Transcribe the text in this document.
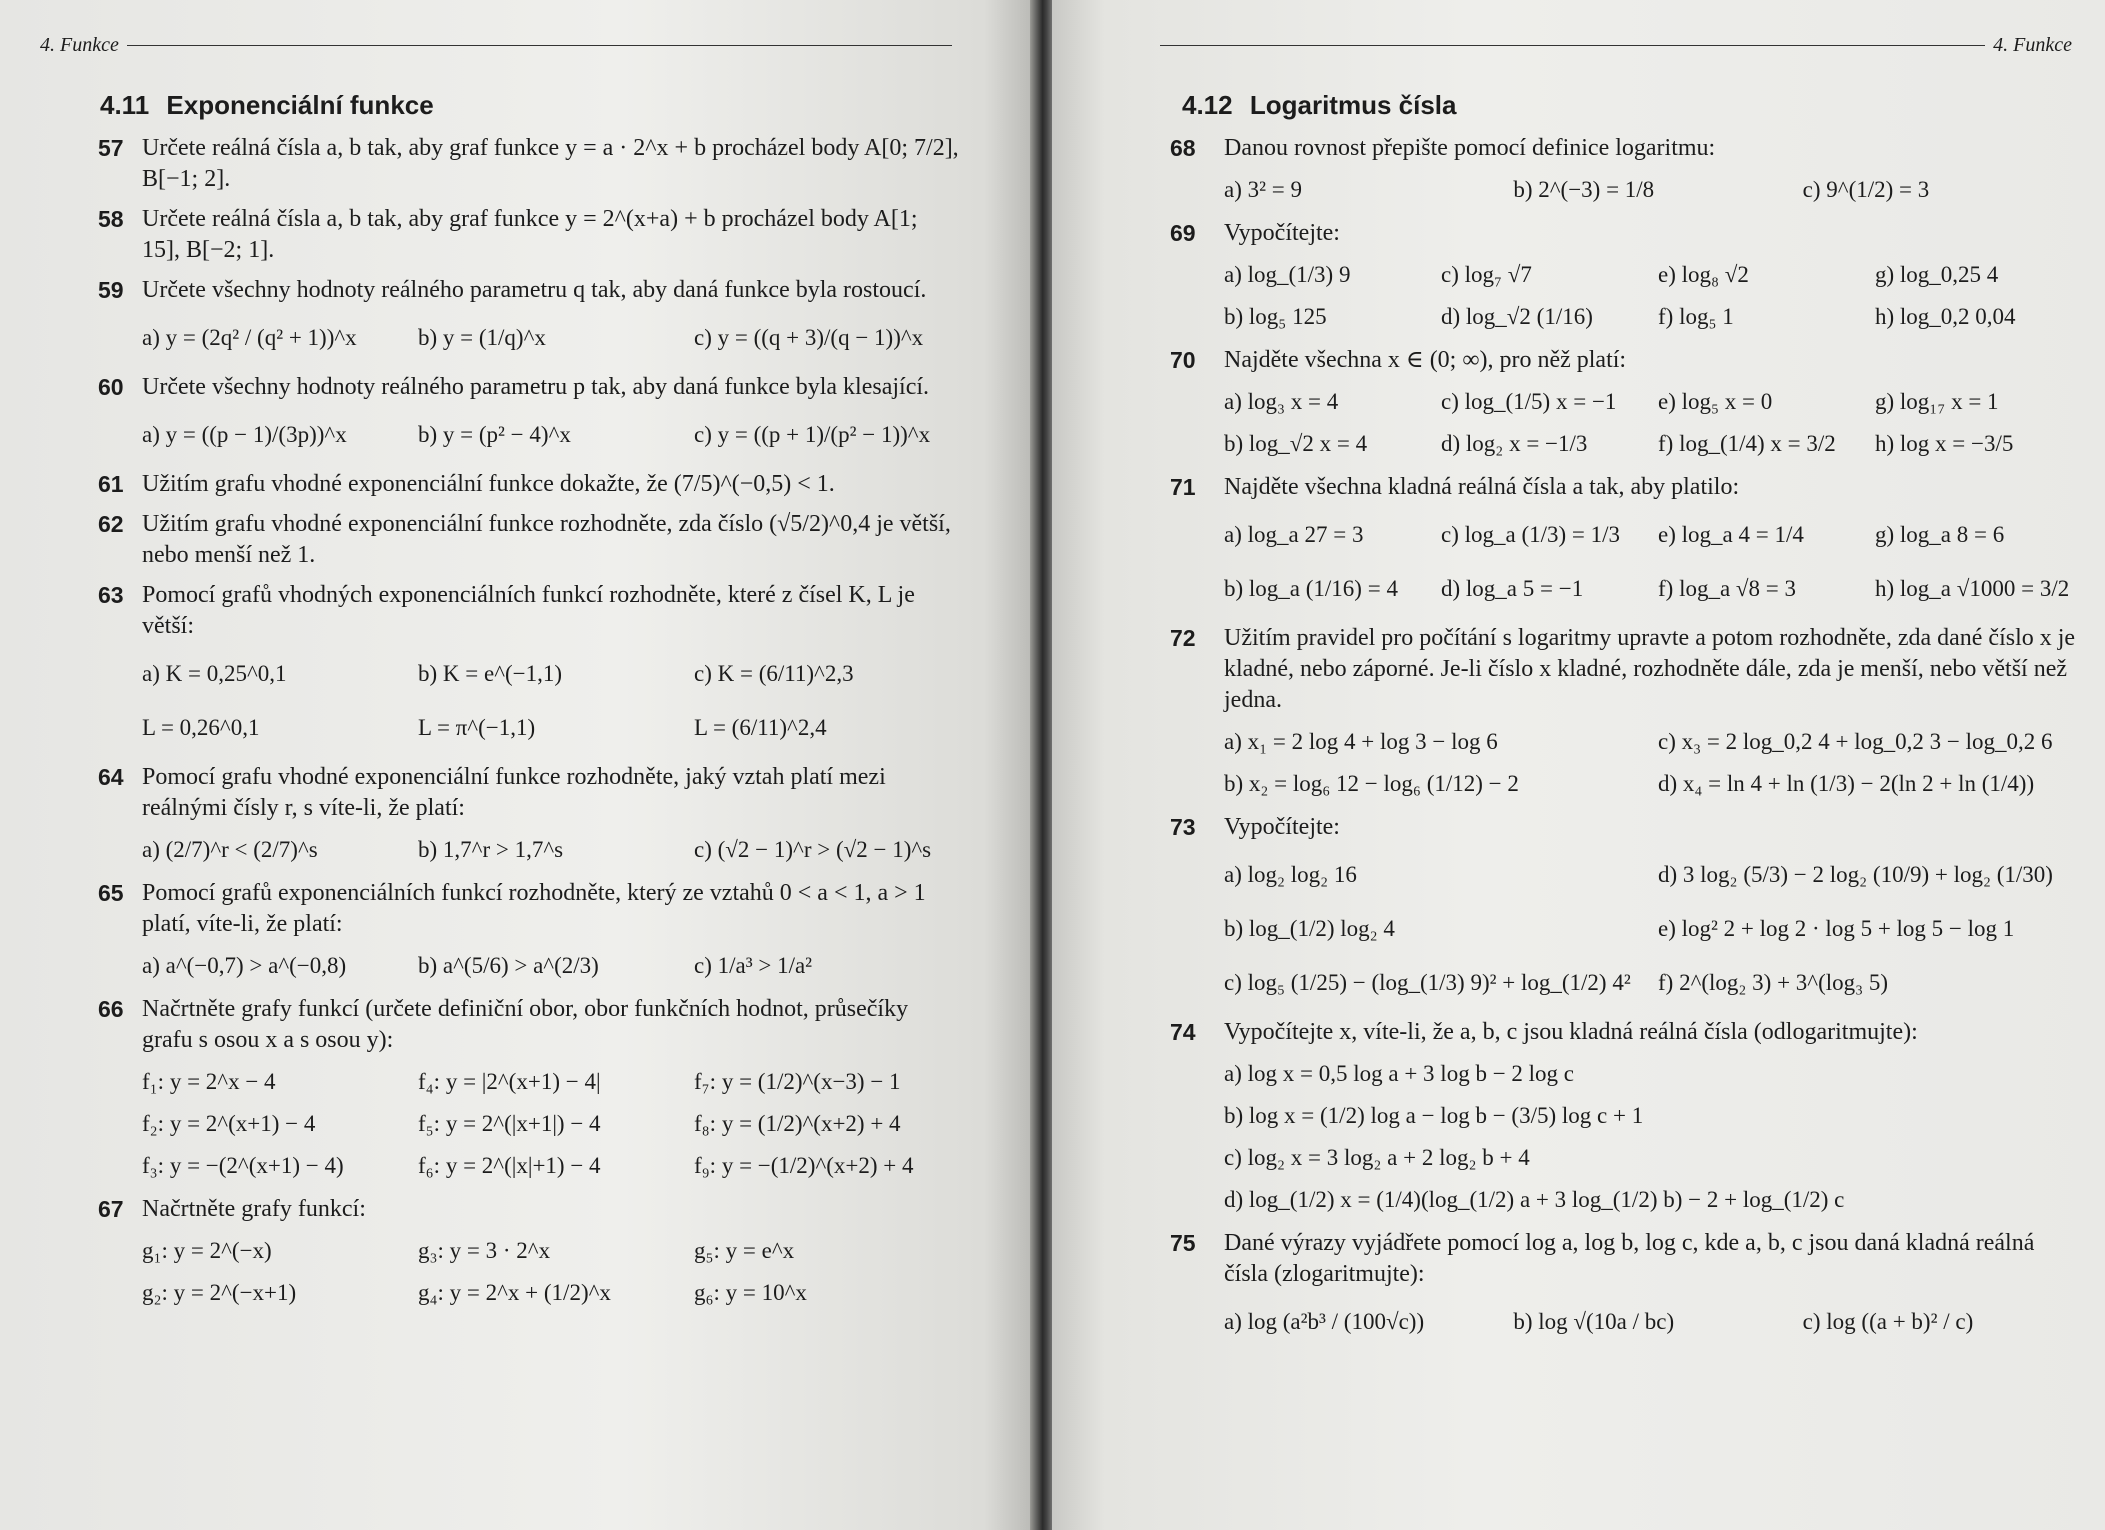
4. Funkce
4.11 Exponenciální funkce
57 Určete reálná čísla a, b tak, aby graf funkce y = a · 2^x + b procházel body A[0; 7/2], B[−1; 2].
58 Určete reálná čísla a, b tak, aby graf funkce y = 2^(x+a) + b procházel body A[1; 15], B[−2; 1].
59 Určete všechny hodnoty reálného parametru q tak, aby daná funkce byla rostoucí.
a) y = (2q² / (q² + 1))^x	b) y = (1/q)^x	c) y = ((q + 3)/(q − 1))^x
60 Určete všechny hodnoty reálného parametru p tak, aby daná funkce byla klesající.
a) y = ((p − 1)/(3p))^x	b) y = (p² − 4)^x	c) y = ((p + 1)/(p² − 1))^x
61 Užitím grafu vhodné exponenciální funkce dokažte, že (7/5)^(−0,5) < 1.
62 Užitím grafu vhodné exponenciální funkce rozhodněte, zda číslo (√5/2)^0,4 je větší, nebo menší než 1.
63 Pomocí grafů vhodných exponenciálních funkcí rozhodněte, které z čísel K, L je větší:
a) K = 0,25^0,1	b) K = e^(−1,1)	c) K = (6/11)^2,3
L = 0,26^0,1	L = π^(−1,1)	L = (6/11)^2,4
64 Pomocí grafu vhodné exponenciální funkce rozhodněte, jaký vztah platí mezi reálnými čísly r, s víte-li, že platí:
a) (2/7)^r < (2/7)^s	b) 1,7^r > 1,7^s	c) (√2 − 1)^r > (√2 − 1)^s
65 Pomocí grafů exponenciálních funkcí rozhodněte, který ze vztahů 0 < a < 1, a > 1 platí, víte-li, že platí:
a) a^(−0,7) > a^(−0,8)	b) a^(5/6) > a^(2/3)	c) 1/a³ > 1/a²
66 Načrtněte grafy funkcí (určete definiční obor, obor funkčních hodnot, průsečíky grafu s osou x a s osou y):
f₁: y = 2^x − 4	f₄: y = |2^(x+1) − 4|	f₇: y = (1/2)^(x−3) − 1
f₂: y = 2^(x+1) − 4	f₅: y = 2^(|x+1|) − 4	f₈: y = (1/2)^(x+2) + 4
f₃: y = −(2^(x+1) − 4)	f₆: y = 2^(|x|+1) − 4	f₉: y = −(1/2)^(x+2) + 4
67 Načrtněte grafy funkcí:
g₁: y = 2^(−x)	g₃: y = 3 · 2^x	g₅: y = e^x
g₂: y = 2^(−x+1)	g₄: y = 2^x + (1/2)^x	g₆: y = 10^x
4. Funkce
4.12 Logaritmus čísla
68 Danou rovnost přepište pomocí definice logaritmu:
a) 3² = 9	b) 2^(−3) = 1/8	c) 9^(1/2) = 3
69 Vypočítejte:
a) log_(1/3) 9	c) log₇ √7	e) log₈ √2	g) log_0,25 4
b) log₅ 125	d) log_√2 (1/16)	f) log₅ 1	h) log_0,2 0,04
70 Najděte všechna x ∈ (0; ∞), pro něž platí:
a) log₃ x = 4	c) log_(1/5) x = −1	e) log₅ x = 0	g) log₁₇ x = 1
b) log_√2 x = 4	d) log₂ x = −1/3	f) log_(1/4) x = 3/2	h) log x = −3/5
71 Najděte všechna kladná reálná čísla a tak, aby platilo:
a) log_a 27 = 3	c) log_a (1/3) = 1/3	e) log_a 4 = 1/4	g) log_a 8 = 6
b) log_a (1/16) = 4	d) log_a 5 = −1	f) log_a √8 = 3	h) log_a √1000 = 3/2
72 Užitím pravidel pro počítání s logaritmy upravte a potom rozhodněte, zda dané číslo x je kladné, nebo záporné. Je-li číslo x kladné, rozhodněte dále, zda je menší, nebo větší než jedna.
a) x₁ = 2 log 4 + log 3 − log 6	c) x₃ = 2 log_0,2 4 + log_0,2 3 − log_0,2 6
b) x₂ = log₆ 12 − log₆ (1/12) − 2	d) x₄ = ln 4 + ln (1/3) − 2(ln 2 + ln (1/4))
73 Vypočítejte:
a) log₂ log₂ 16	d) 3 log₂ (5/3) − 2 log₂ (10/9) + log₂ (1/30)
b) log_(1/2) log₂ 4	e) log² 2 + log 2 · log 5 + log 5 − log 1
c) log₅ (1/25) − (log_(1/3) 9)² + log_(1/2) 4²	f) 2^(log₂ 3) + 3^(log₃ 5)
74 Vypočítejte x, víte-li, že a, b, c jsou kladná reálná čísla (odlogaritmujte):
a) log x = 0,5 log a + 3 log b − 2 log c
b) log x = (1/2) log a − log b − (3/5) log c + 1
c) log₂ x = 3 log₂ a + 2 log₂ b + 4
d) log_(1/2) x = (1/4)(log_(1/2) a + 3 log_(1/2) b) − 2 + log_(1/2) c
75 Dané výrazy vyjádřete pomocí log a, log b, log c, kde a, b, c jsou daná kladná reálná čísla (zlogaritmujte):
a) log (a²b³ / (100√c))	b) log √(10a / bc)	c) log ((a + b)² / c)
